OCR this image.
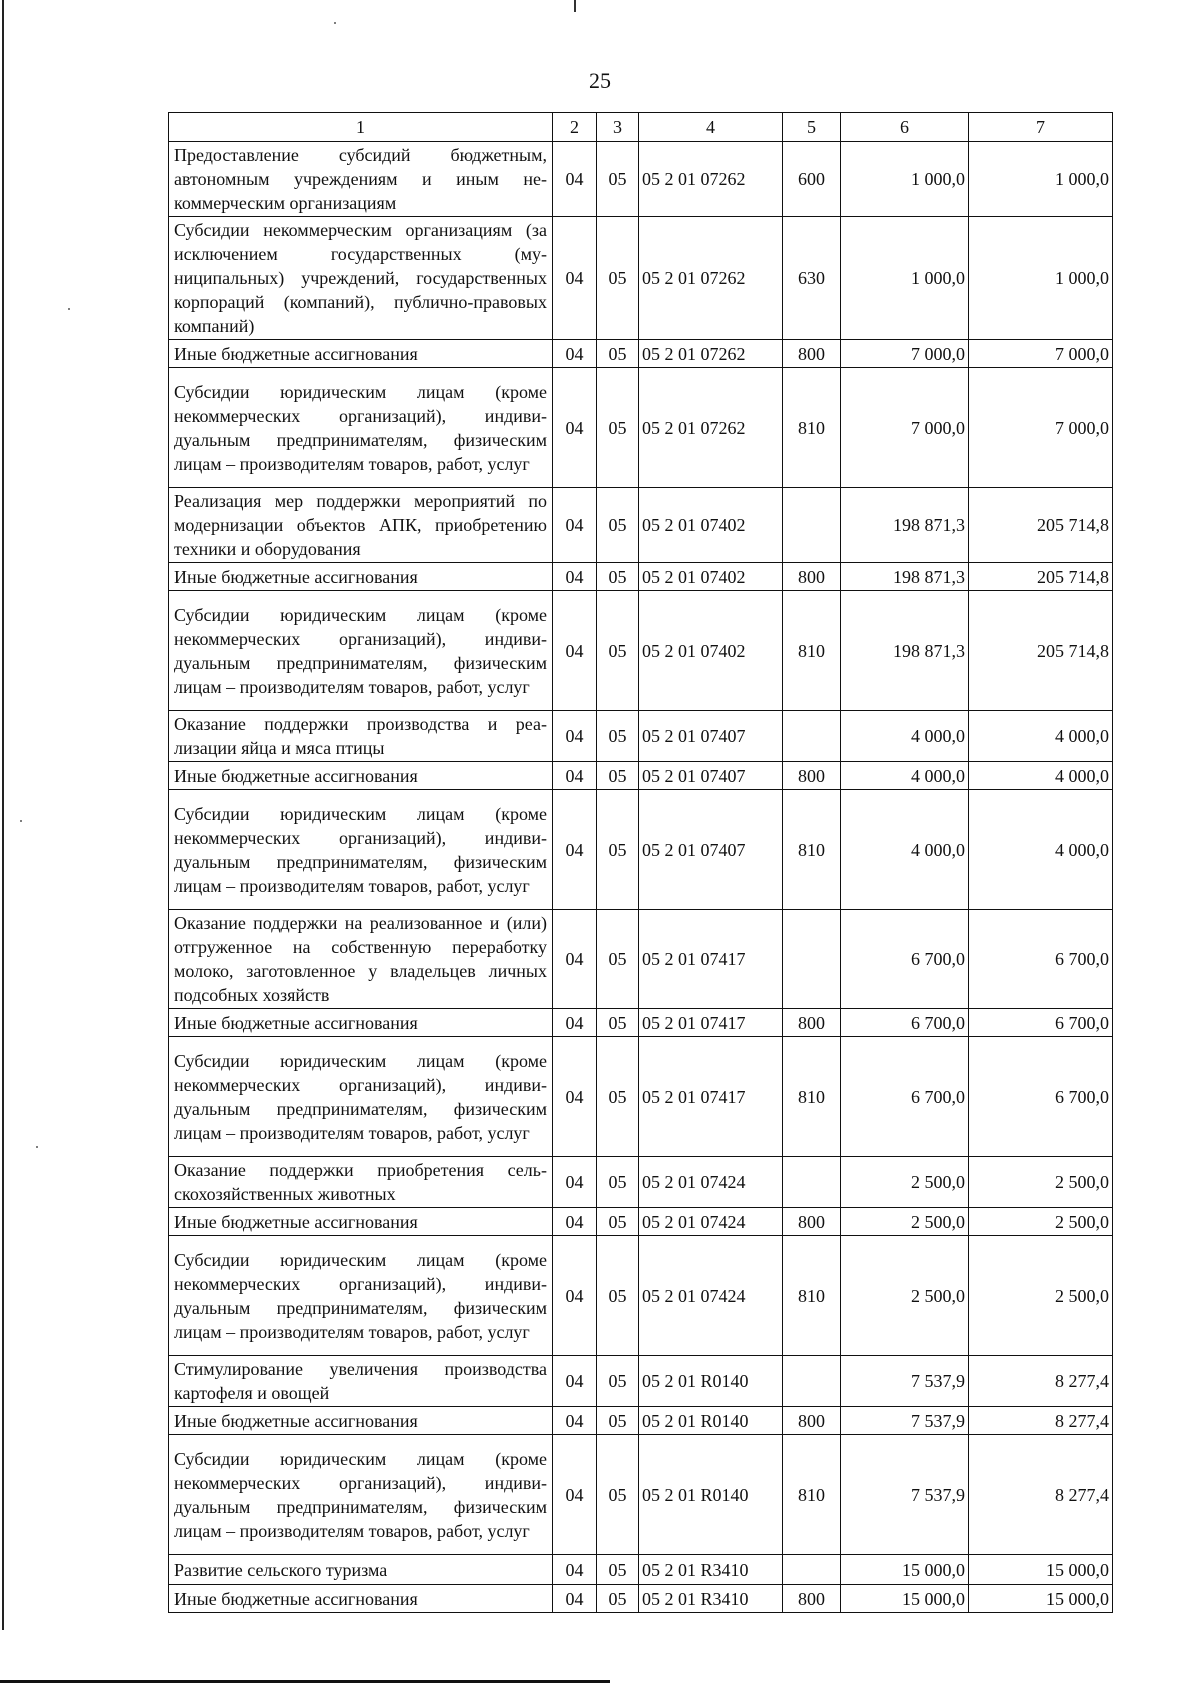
25
1	2	3	4	5	6	7
Предоставление субсидий бюджетным, автономным учреждениям и иным некоммерческим организациям	04	05	05 2 01 07262	600	1 000,0	1 000,0
Субсидии некоммерческим организациям (за исключением государственных (муниципальных) учреждений, государственных корпораций (компаний), публично-правовых компаний)	04	05	05 2 01 07262	630	1 000,0	1 000,0
Иные бюджетные ассигнования	04	05	05 2 01 07262	800	7 000,0	7 000,0
Субсидии юридическим лицам (кроме некоммерческих организаций), индивидуальным предпринимателям, физическим лицам – производителям товаров, работ, услуг	04	05	05 2 01 07262	810	7 000,0	7 000,0
Реализация мер поддержки мероприятий по модернизации объектов АПК, приобретению техники и оборудования	04	05	05 2 01 07402		198 871,3	205 714,8
Иные бюджетные ассигнования	04	05	05 2 01 07402	800	198 871,3	205 714,8
Субсидии юридическим лицам (кроме некоммерческих организаций), индивидуальным предпринимателям, физическим лицам – производителям товаров, работ, услуг	04	05	05 2 01 07402	810	198 871,3	205 714,8
Оказание поддержки производства и реализации яйца и мяса птицы	04	05	05 2 01 07407		4 000,0	4 000,0
Иные бюджетные ассигнования	04	05	05 2 01 07407	800	4 000,0	4 000,0
Субсидии юридическим лицам (кроме некоммерческих организаций), индивидуальным предпринимателям, физическим лицам – производителям товаров, работ, услуг	04	05	05 2 01 07407	810	4 000,0	4 000,0
Оказание поддержки на реализованное и (или) отгруженное на собственную переработку молоко, заготовленное у владельцев личных подсобных хозяйств	04	05	05 2 01 07417		6 700,0	6 700,0
Иные бюджетные ассигнования	04	05	05 2 01 07417	800	6 700,0	6 700,0
Субсидии юридическим лицам (кроме некоммерческих организаций), индивидуальным предпринимателям, физическим лицам – производителям товаров, работ, услуг	04	05	05 2 01 07417	810	6 700,0	6 700,0
Оказание поддержки приобретения сельскохозяйственных животных	04	05	05 2 01 07424		2 500,0	2 500,0
Иные бюджетные ассигнования	04	05	05 2 01 07424	800	2 500,0	2 500,0
Субсидии юридическим лицам (кроме некоммерческих организаций), индивидуальным предпринимателям, физическим лицам – производителям товаров, работ, услуг	04	05	05 2 01 07424	810	2 500,0	2 500,0
Стимулирование увеличения производства картофеля и овощей	04	05	05 2 01 R0140		7 537,9	8 277,4
Иные бюджетные ассигнования	04	05	05 2 01 R0140	800	7 537,9	8 277,4
Субсидии юридическим лицам (кроме некоммерческих организаций), индивидуальным предпринимателям, физическим лицам – производителям товаров, работ, услуг	04	05	05 2 01 R0140	810	7 537,9	8 277,4
Развитие сельского туризма	04	05	05 2 01 R3410		15 000,0	15 000,0
Иные бюджетные ассигнования	04	05	05 2 01 R3410	800	15 000,0	15 000,0
